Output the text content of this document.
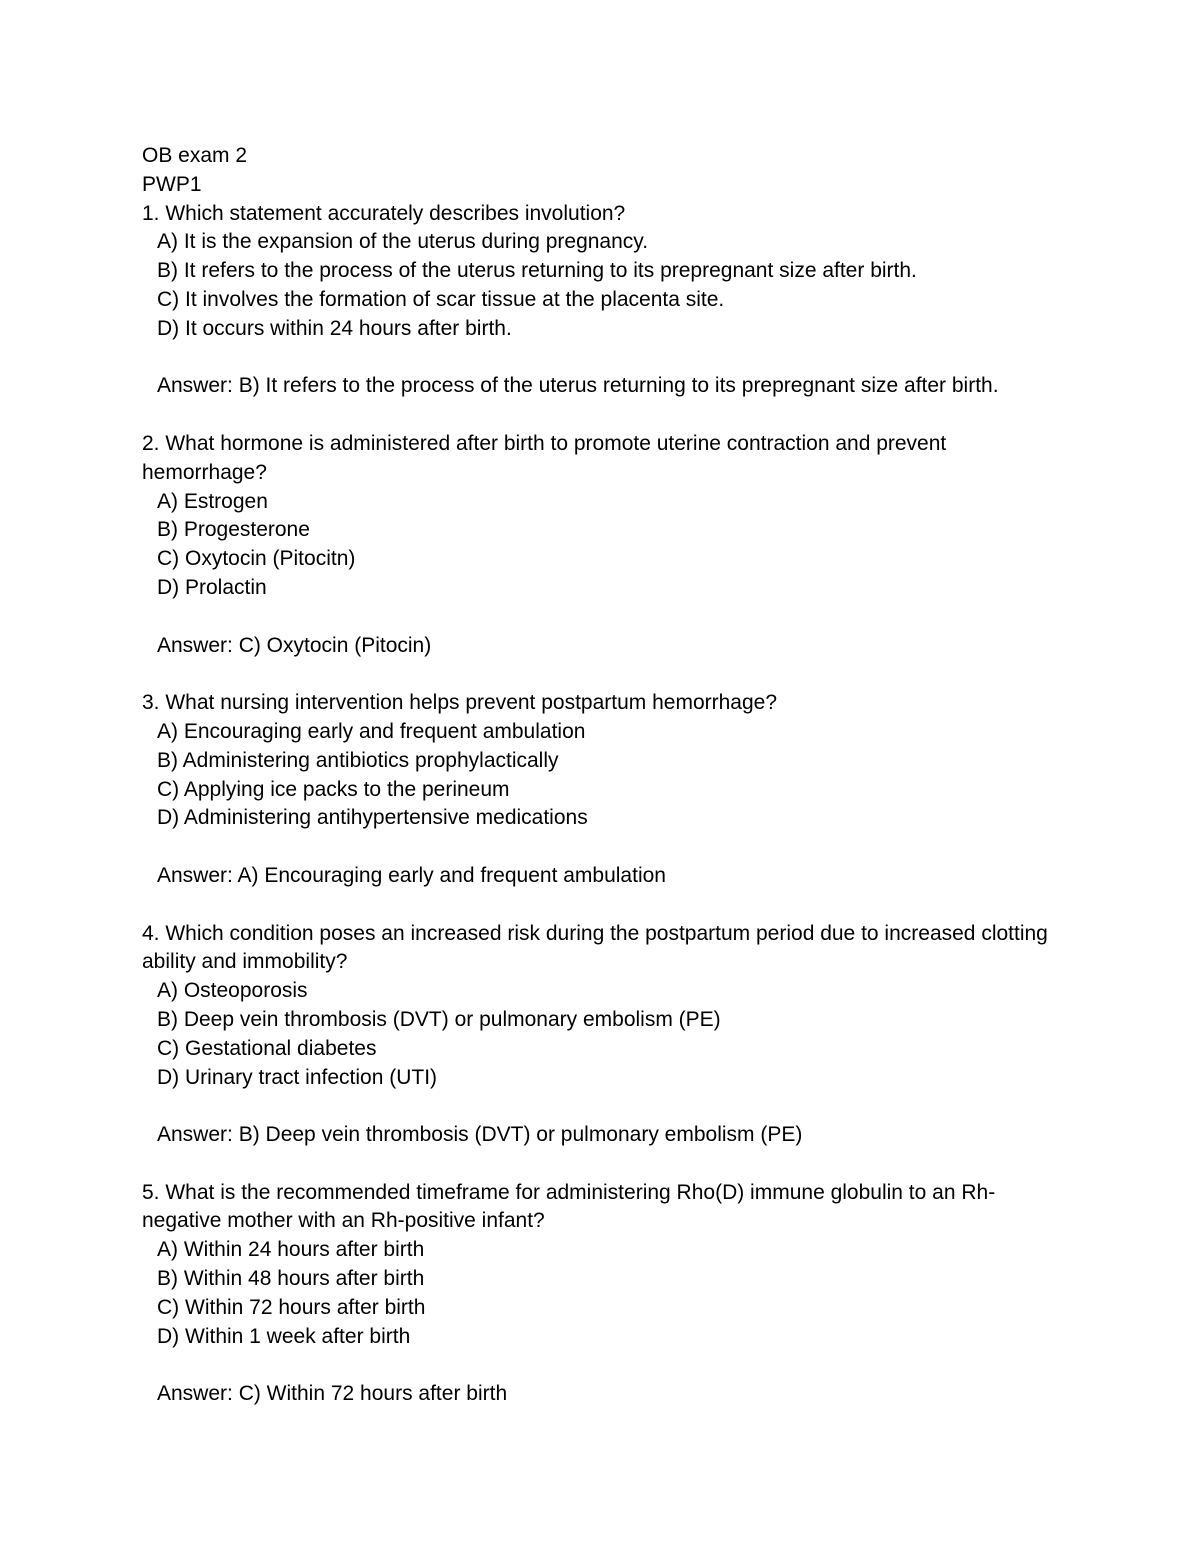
OB exam 2
PWP1
1. Which statement accurately describes involution?
A) It is the expansion of the uterus during pregnancy.
B) It refers to the process of the uterus returning to its prepregnant size after birth.
C) It involves the formation of scar tissue at the placenta site.
D) It occurs within 24 hours after birth.
Answer: B) It refers to the process of the uterus returning to its prepregnant size after birth.
2. What hormone is administered after birth to promote uterine contraction and prevent hemorrhage?
A) Estrogen
B) Progesterone
C) Oxytocin (Pitocitn)
D) Prolactin
Answer: C) Oxytocin (Pitocin)
3. What nursing intervention helps prevent postpartum hemorrhage?
A) Encouraging early and frequent ambulation
B) Administering antibiotics prophylactically
C) Applying ice packs to the perineum
D) Administering antihypertensive medications
Answer: A) Encouraging early and frequent ambulation
4. Which condition poses an increased risk during the postpartum period due to increased clotting ability and immobility?
A) Osteoporosis
B) Deep vein thrombosis (DVT) or pulmonary embolism (PE)
C) Gestational diabetes
D) Urinary tract infection (UTI)
Answer: B) Deep vein thrombosis (DVT) or pulmonary embolism (PE)
5. What is the recommended timeframe for administering Rho(D) immune globulin to an Rh-negative mother with an Rh-positive infant?
A) Within 24 hours after birth
B) Within 48 hours after birth
C) Within 72 hours after birth
D) Within 1 week after birth
Answer: C) Within 72 hours after birth
